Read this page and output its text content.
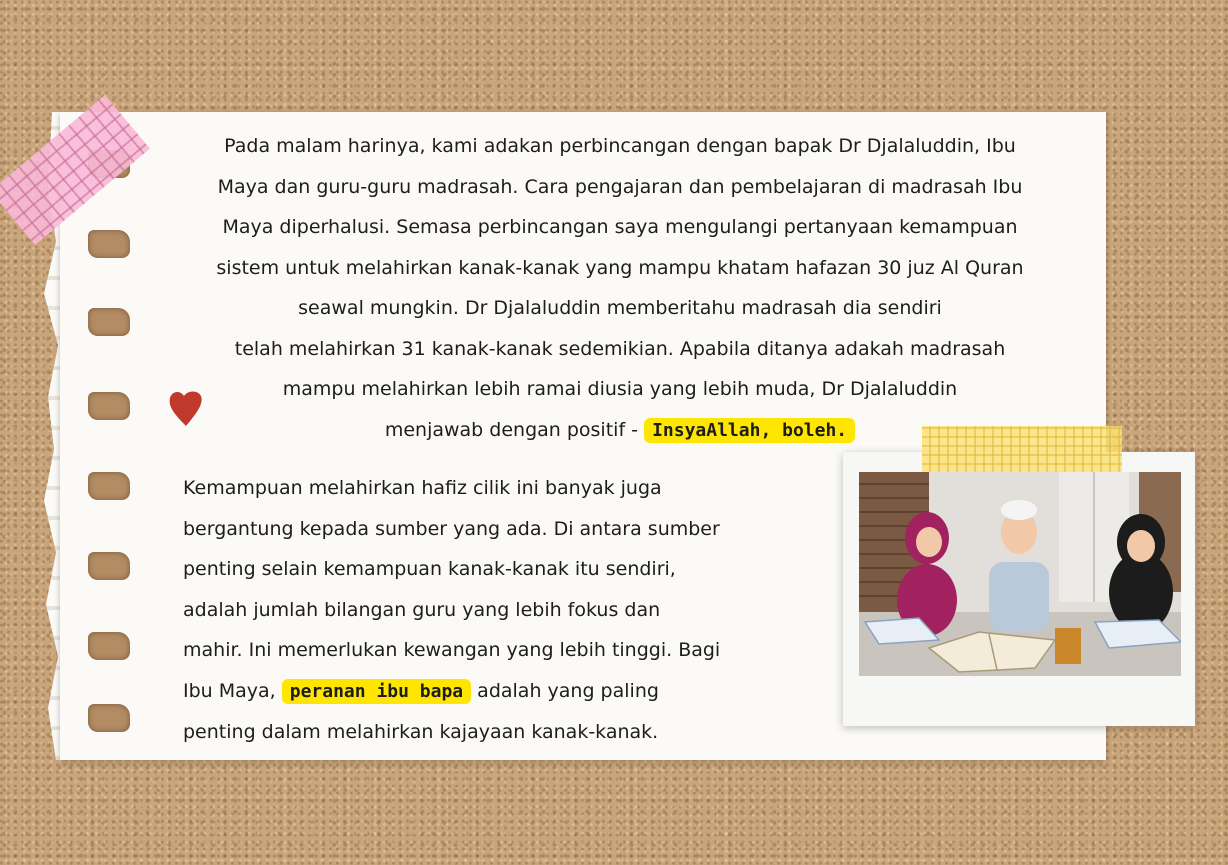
Pada malam harinya, kami adakan perbincangan dengan bapak Dr Djalaluddin, Ibu

Maya dan guru-guru madrasah. Cara pengajaran dan pembelajaran di madrasah Ibu

Maya diperhalusi. Semasa perbincangan saya mengulangi pertanyaan kemampuan

sistem untuk melahirkan kanak-kanak yang mampu khatam hafazan 30 juz Al Quran

seawal mungkin. Dr Djalaluddin memberitahu madrasah dia sendiri

telah melahirkan 31 kanak-kanak sedemikian. Apabila ditanya adakah madrasah

mampu melahirkan lebih ramai diusia yang lebih muda, Dr Djalaluddin

menjawab dengan positif - InsyaAllah, boleh.

Kemampuan melahirkan hafiz cilik ini banyak juga

bergantung kepada sumber yang ada. Di antara sumber

penting selain kemampuan kanak-kanak itu sendiri,

adalah jumlah bilangan guru yang lebih fokus dan

mahir. Ini memerlukan kewangan yang lebih tinggi. Bagi

Ibu Maya, peranan ibu bapa adalah yang paling

penting dalam melahirkan kajayaan kanak-kanak.
